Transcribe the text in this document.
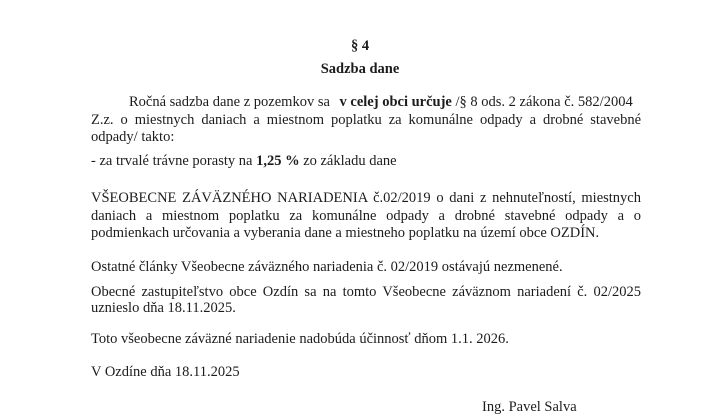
§ 4
Sadzba dane
Ročná sadzba dane z pozemkov sa v celej obci určuje /§ 8 ods. 2 zákona č. 582/2004
Z.z. o miestnych daniach a miestnom poplatku za komunálne odpady a drobné stavebné
odpady/ takto:
- za trvalé trávne porasty na 1,25 % zo základu dane
VŠEOBECNE ZÁVÄZNÉHO NARIADENIA č.02/2019 o dani z nehnuteľností, miestnych
daniach a miestnom poplatku za komunálne odpady a drobné stavebné odpady a o
podmienkach určovania a vyberania dane a miestneho poplatku na území obce OZDÍN.
Ostatné články Všeobecne záväzného nariadenia č. 02/2019 ostávajú nezmenené.
Obecné zastupiteľstvo obce Ozdín sa na tomto Všeobecne záväznom nariadení č. 02/2025
uznieslo dňa 18.11.2025.
Toto všeobecne záväzné nariadenie nadobúda účinnosť dňom 1.1. 2026.
V Ozdíne dňa 18.11.2025
Ing. Pavel Salva
